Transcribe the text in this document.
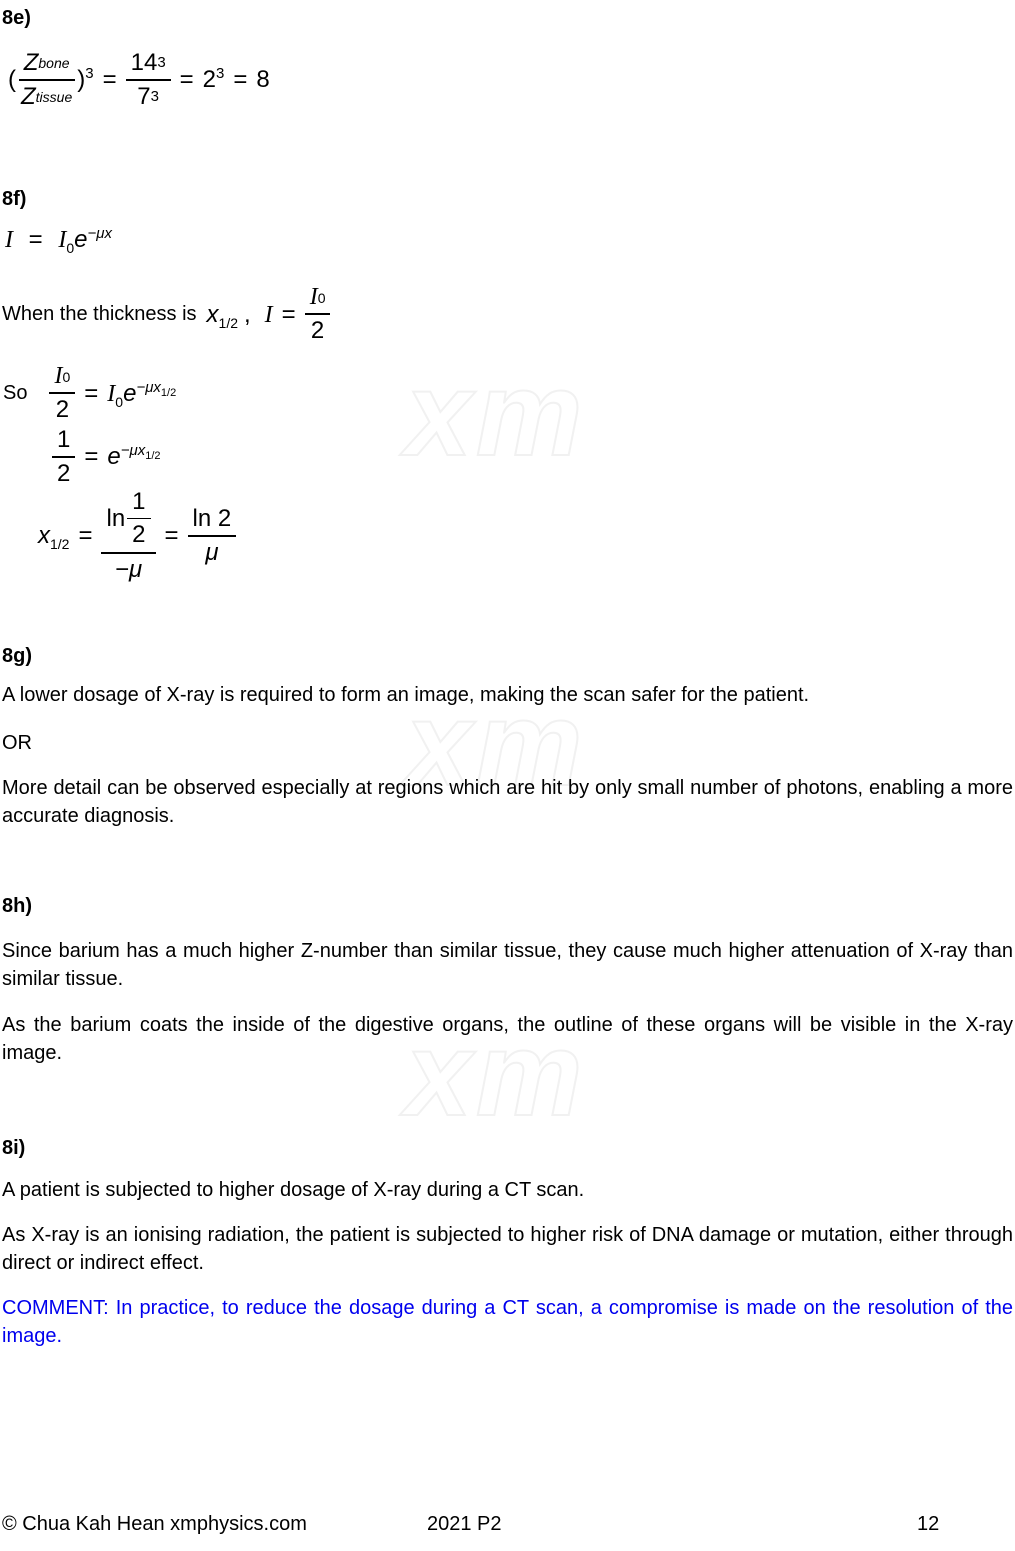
xm
xm
xm
8e)
( $\frac{\text{Z bone}}{\text{Z tissue}} )^3 = \frac{14 3}{7 3} = 2^3 = 8$
8f)
$I = I_0e^{-\mu x}$
When the thickness is $x_{1/2}$ , $I = \frac{I 0}{2}$
So $\frac{I 0}{2} = I_0e^{-\mu x_{1/2}}$
$\frac{1}{2} = e^{-\mu x_{1/2}}$
$x_{1/2} = \frac{\ln \frac{1}{2}}{-\mu} = \frac{\ln 2}{\mu}$
8g)
A lower dosage of X-ray is required to form an image, making the scan safer for the patient.
OR
More detail can be observed especially at regions which are hit by only small number of photons, enabling a more accurate diagnosis.
8h)
Since barium has a much higher Z-number than similar tissue, they cause much higher attenuation of X-ray than similar tissue.
As the barium coats the inside of the digestive organs, the outline of these organs will be visible in the X-ray image.
8i)
A patient is subjected to higher dosage of X-ray during a CT scan.
As X-ray is an ionising radiation, the patient is subjected to higher risk of DNA damage or mutation, either through direct or indirect effect.
COMMENT: In practice, to reduce the dosage during a CT scan, a compromise is made on the resolution of the image.
© Chua Kah Hean xmphysics.com	2021 P2	12
